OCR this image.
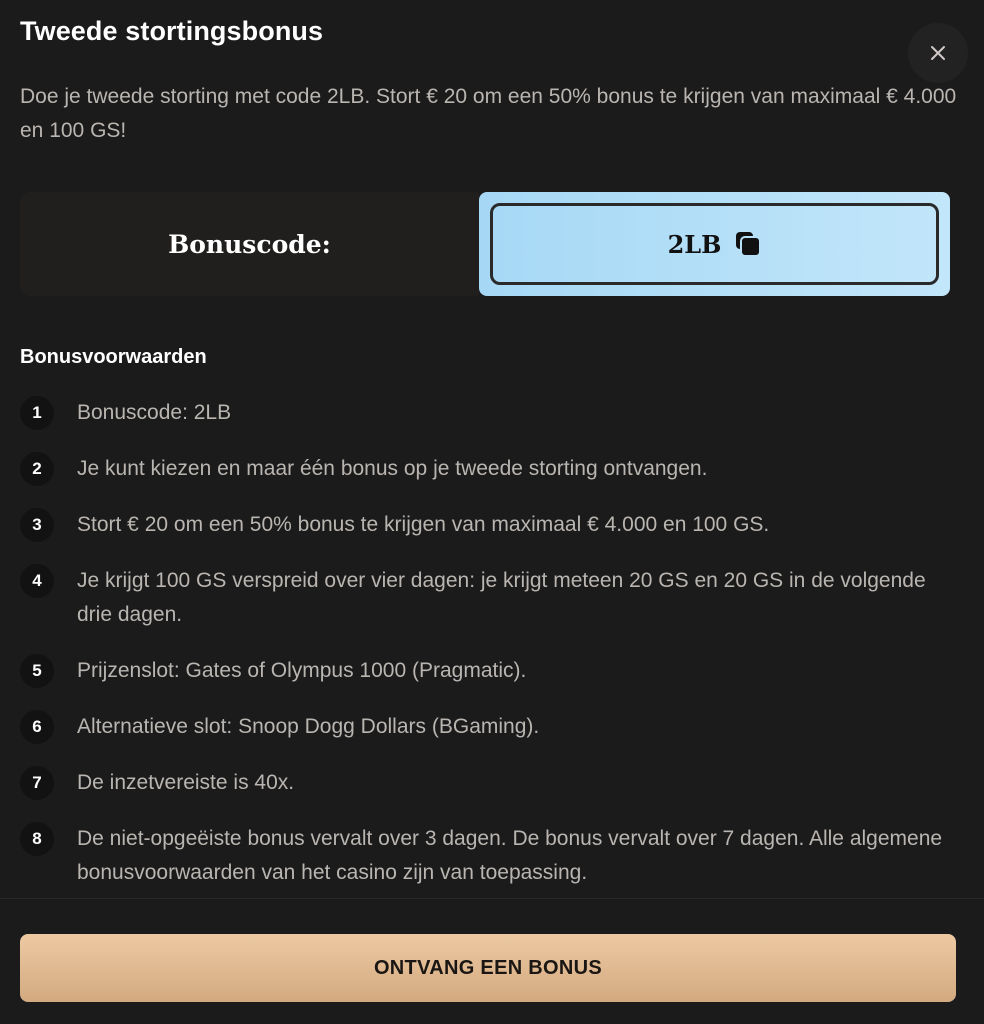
Tweede stortingsbonus

Doe je tweede storting met code 2LB. Stort € 20 om een 50% bonus te krijgen van maximaal € 4.000 en 100 GS!

Bonuscode:	2LB
Bonusvoorwaarden
1	Bonuscode: 2LB
2	Je kunt kiezen en maar één bonus op je tweede storting ontvangen.
3	Stort € 20 om een 50% bonus te krijgen van maximaal € 4.000 en 100 GS.
4	Je krijgt 100 GS verspreid over vier dagen: je krijgt meteen 20 GS en 20 GS in de volgende drie dagen.
5	Prijzenslot: Gates of Olympus 1000 (Pragmatic).
6	Alternatieve slot: Snoop Dogg Dollars (BGaming).
7	De inzetvereiste is 40x.
8	De niet-opgeëiste bonus vervalt over 3 dagen. De bonus vervalt over 7 dagen. Alle algemene bonusvoorwaarden van het casino zijn van toepassing.
ONTVANG EEN BONUS
